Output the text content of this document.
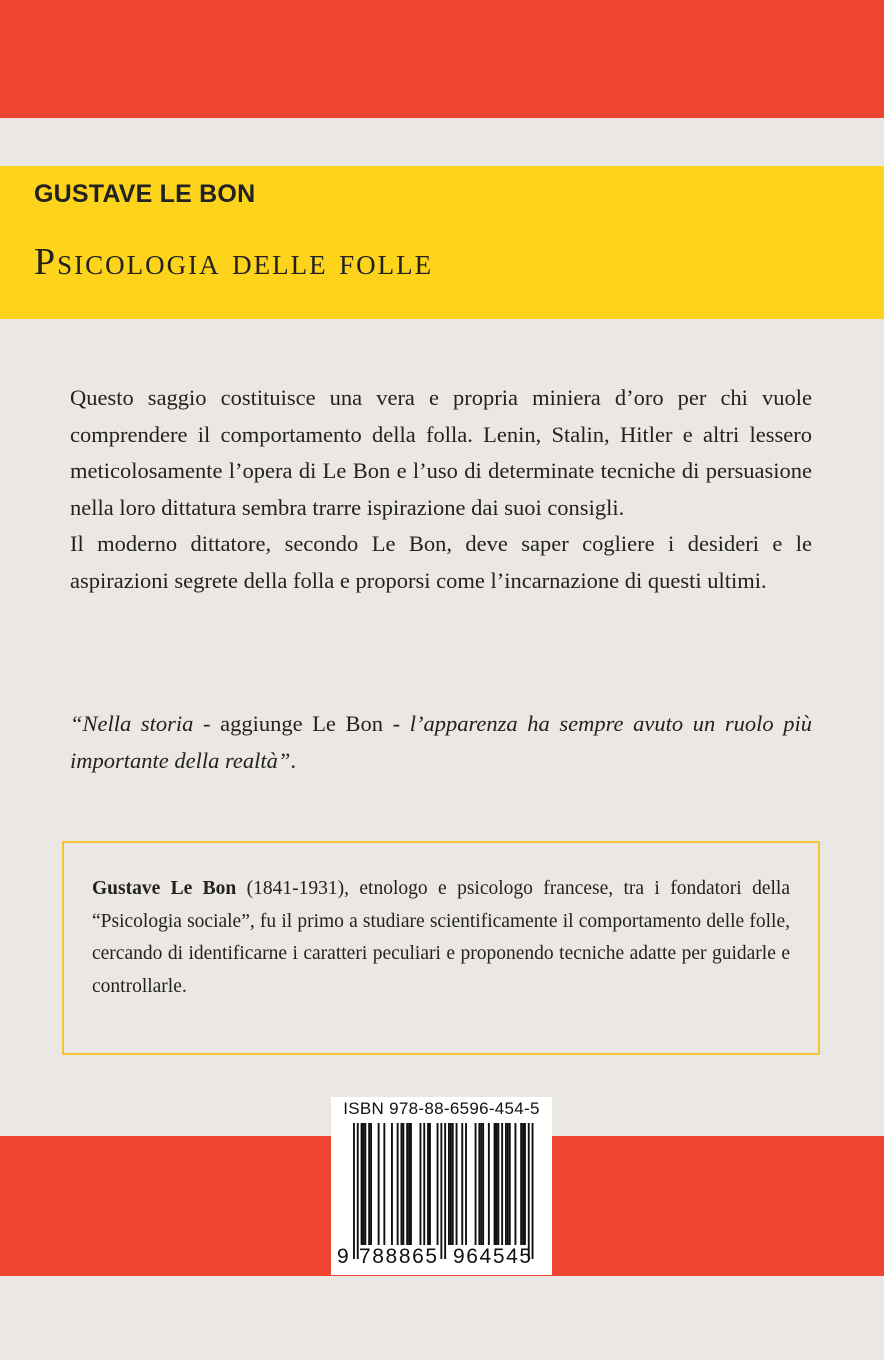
GUSTAVE LE BON
Psicologia delle folle

Questo saggio costituisce una vera e propria miniera d’oro per chi vuole comprendere il comportamento della folla. Lenin, Stalin, Hitler e altri lessero meticolosamente l’opera di Le Bon e l’uso di determinate tecniche di persuasione nella loro dittatura sembra trarre ispirazione dai suoi consigli.

Il moderno dittatore, secondo Le Bon, deve saper cogliere i desideri e le aspirazioni segrete della folla e proporsi come l’incarnazione di questi ultimi.

“Nella storia - aggiunge Le Bon - l’apparenza ha sempre avuto un ruolo più importante della realtà”.

Gustave Le Bon (1841-1931), etnologo e psicologo francese, tra i fondatori della “Psicologia sociale”, fu il primo a studiare scientificamente il comportamento delle folle, cercando di identificarne i caratteri peculiari e proponendo tecniche adatte per guidarle e controllarle.

ISBN 978-88-6596-454-5
9 788865 964545
